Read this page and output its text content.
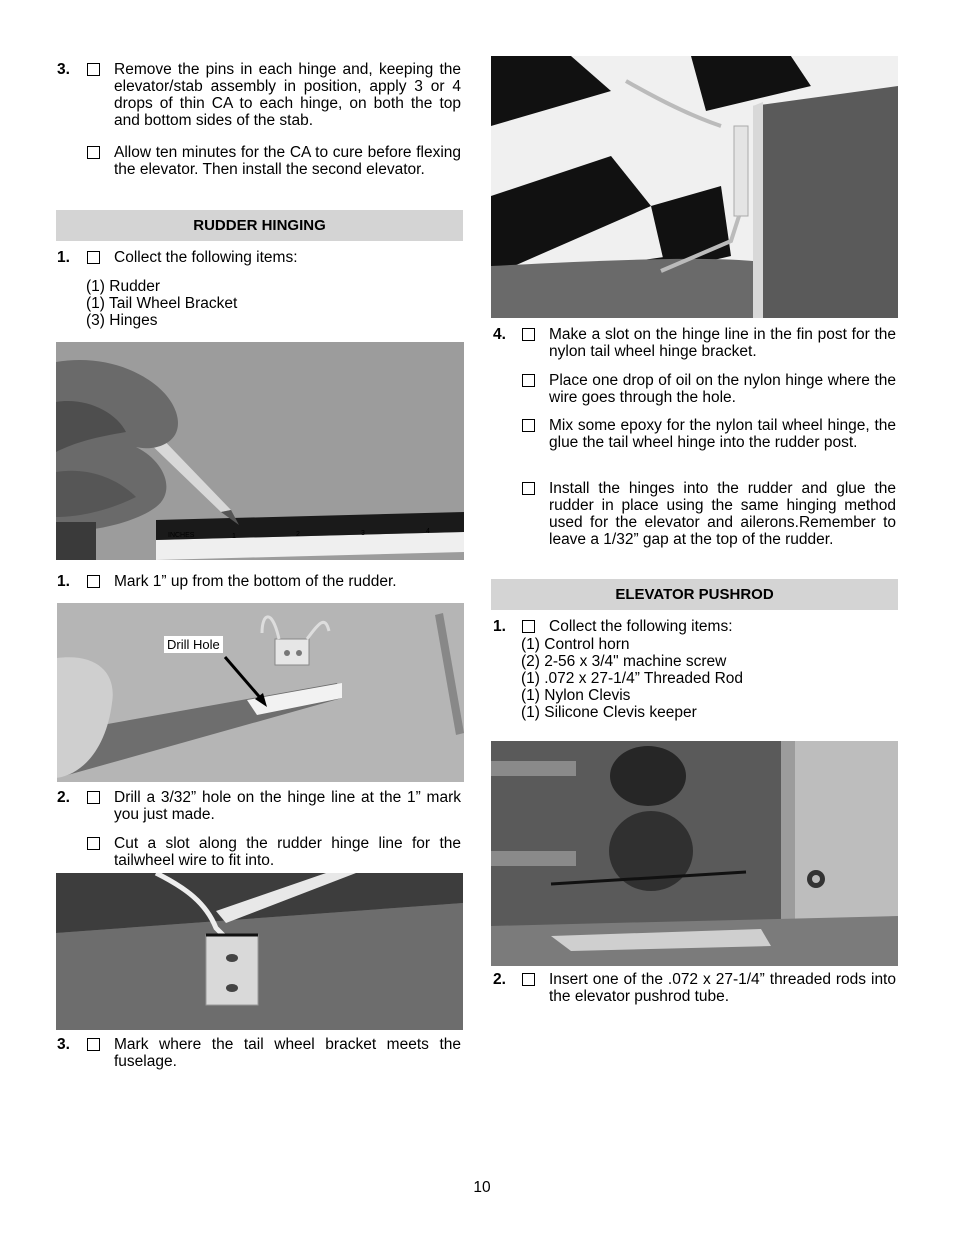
3.	Remove the pins in each hinge and, keeping the elevator/stab assembly in position, apply 3 or 4 drops of thin CA to each hinge, on both the top and bottom sides of the stab.
Allow ten minutes for the CA to cure before flexing the elevator. Then install the second elevator.
RUDDER HINGING
1.	Collect the following items:
(1) Rudder
(1) Tail Wheel Bracket
(3) Hinges
INCHES	1	2	3	4
1.	Mark 1” up from the bottom of the rudder.
Drill Hole
2.	Drill a 3/32” hole on the hinge line at the 1” mark you just made.
Cut a slot along the rudder hinge line for the tailwheel wire to fit into.
3.	Mark where the tail wheel bracket meets the fuselage.
4.	Make a slot on the hinge line in the fin post for the nylon tail wheel hinge bracket.
Place one drop of oil on the nylon hinge where the wire goes through the hole.
Mix some epoxy for the nylon tail wheel hinge, the glue the tail wheel hinge into the rudder post.
Install the hinges into the rudder and glue the rudder in place using the same hinging method used for the elevator and ailerons.Remember to leave a 1/32” gap at the top of the rudder.
ELEVATOR PUSHROD
1.	Collect the following items:
(1) Control horn
(2) 2-56 x 3/4" machine screw
(1) .072 x 27-1/4” Threaded Rod
(1) Nylon Clevis
(1) Silicone Clevis keeper
2.	Insert one of the .072 x 27-1/4” threaded rods into the elevator pushrod tube.
10
